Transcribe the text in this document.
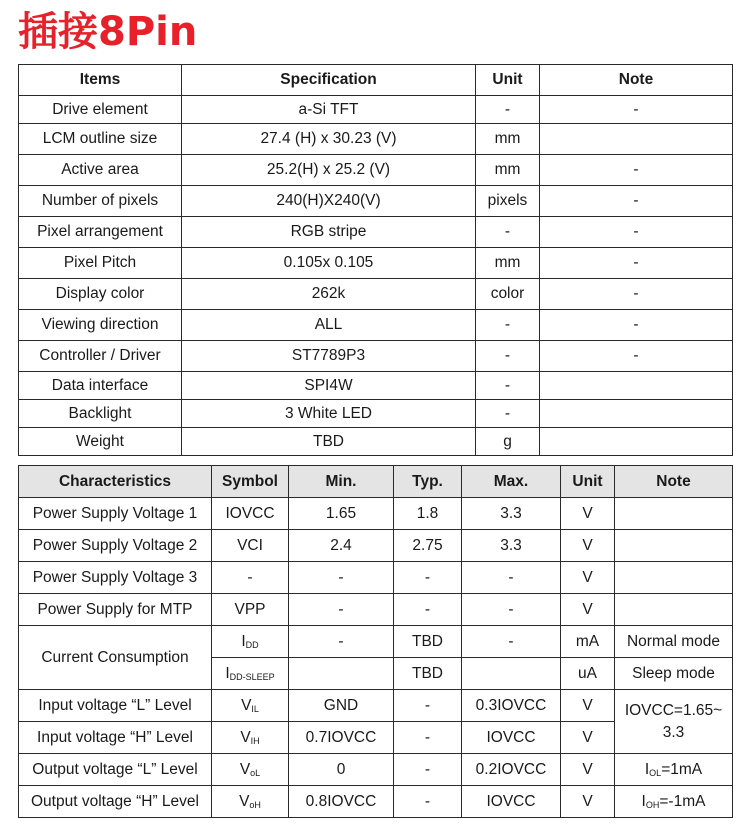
插接8Pin
Items	Specification	Unit	Note
Drive element	a-Si TFT	-	-
LCM outline size	27.4 (H) x 30.23 (V)	mm	
Active area	25.2(H) x 25.2 (V)	mm	-
Number of pixels	240(H)X240(V)	pixels	-
Pixel arrangement	RGB stripe	-	-
Pixel Pitch	0.105x 0.105	mm	-
Display color	262k	color	-
Viewing direction	ALL	-	-
Controller / Driver	ST7789P3	-	-
Data interface	SPI4W	-	
Backlight	3 White LED	-	
Weight	TBD	g	
Characteristics	Symbol	Min.	Typ.	Max.	Unit	Note
Power Supply Voltage 1	IOVCC	1.65	1.8	3.3	V	
Power Supply Voltage 2	VCI	2.4	2.75	3.3	V	
Power Supply Voltage 3	-	-	-	-	V	
Power Supply for MTP	VPP	-	-	-	V	
Current Consumption	$I_{DD}$	-	TBD	-	mA	Normal mode
	$I_{DD-SLEEP}$		TBD		uA	Sleep mode
Input voltage “L” Level	$V_{IL}$	GND	-	0.3IOVCC	V	IOVCC=1.65~ 3.3
Input voltage “H” Level	$V_{IH}$	0.7IOVCC	-	IOVCC	V	
Output voltage “L” Level	$V_{oL}$	0	-	0.2IOVCC	V	$I_{OL}=1mA$
Output voltage “H” Level	$V_{oH}$	0.8IOVCC	-	IOVCC	V	$I_{OH}=-1mA$
